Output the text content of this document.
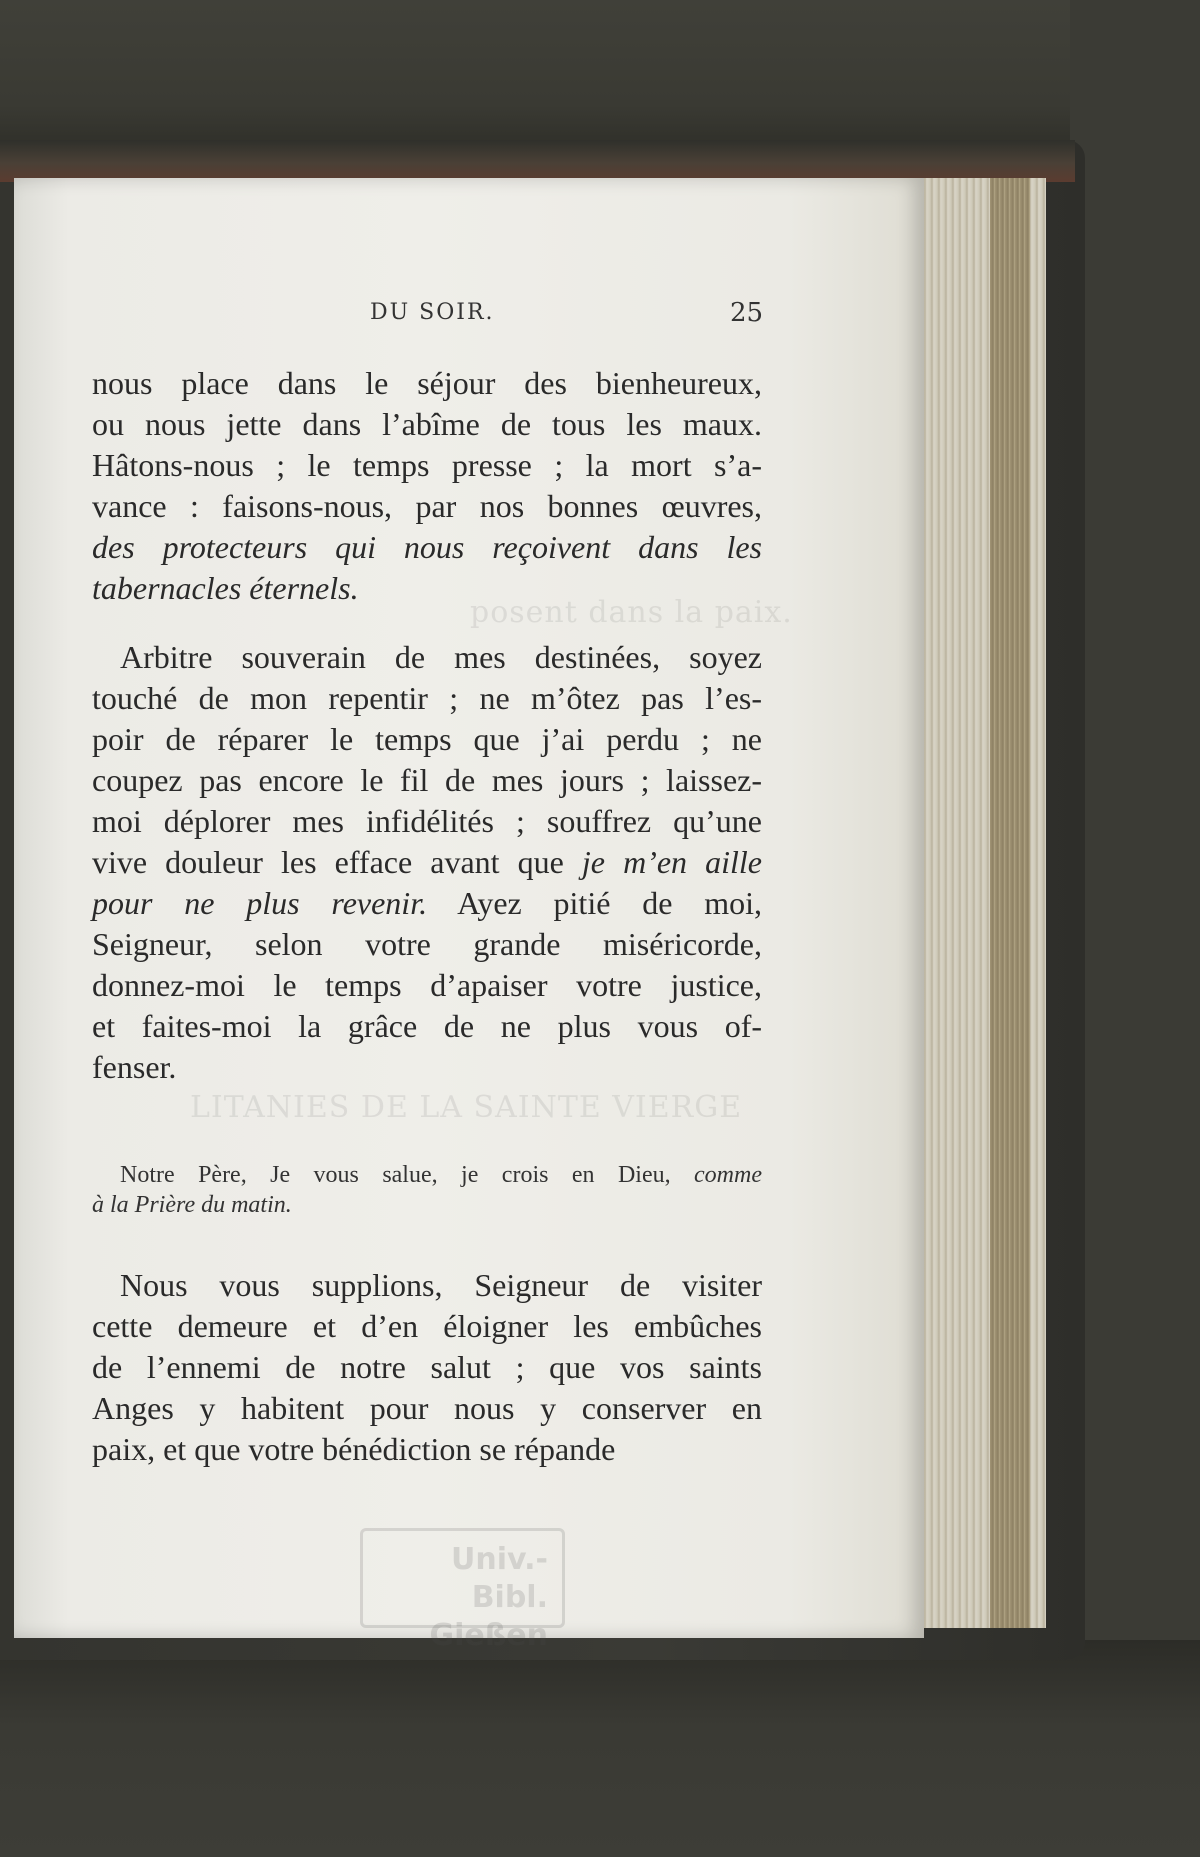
posent dans la paix.
LITANIES DE LA SAINTE VIERGE
Univ.-Bibl.
Gießen
DU SOIR.	25
nous place dans le séjour des bienheureux,
ou nous jette dans l’abîme de tous les maux.
Hâtons-nous ; le temps presse ; la mort s’a-
vance : faisons-nous, par nos bonnes œuvres,
des protecteurs qui nous reçoivent dans les
tabernacles éternels.
Arbitre souverain de mes destinées, soyez
touché de mon repentir ; ne m’ôtez pas l’es-
poir de réparer le temps que j’ai perdu ; ne
coupez pas encore le fil de mes jours ; laissez-
moi déplorer mes infidélités ; souffrez qu’une
vive douleur les efface avant que je m’en aille
pour ne plus revenir. Ayez pitié de moi,
Seigneur, selon votre grande miséricorde,
donnez-moi le temps d’apaiser votre justice,
et faites-moi la grâce de ne plus vous of-
fenser.
Notre Père, Je vous salue, je crois en Dieu, comme
à la Prière du matin.
Nous vous supplions, Seigneur de visiter
cette demeure et d’en éloigner les embûches
de l’ennemi de notre salut ; que vos saints
Anges y habitent pour nous y conserver en
paix, et que votre bénédiction se répande
